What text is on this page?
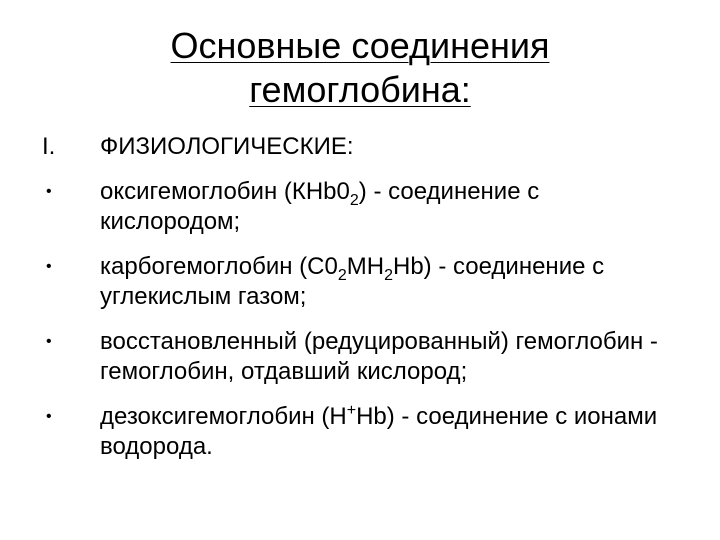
Основные соединения
гемоглобина:
I.	ФИЗИОЛОГИЧЕСКИЕ:
•	оксигемоглобин $(КНb0_2)$ - соединение с кислородом;
•	карбогемоглобин $(С0_2МН_2Hb)$ - соединение с углекислым газом;
•	восстановленный (редуцированный) гемоглобин - гемоглобин, отдавший кислород;
•	дезоксигемоглобин (Н+Hb) - соединение с ионами водорода.
